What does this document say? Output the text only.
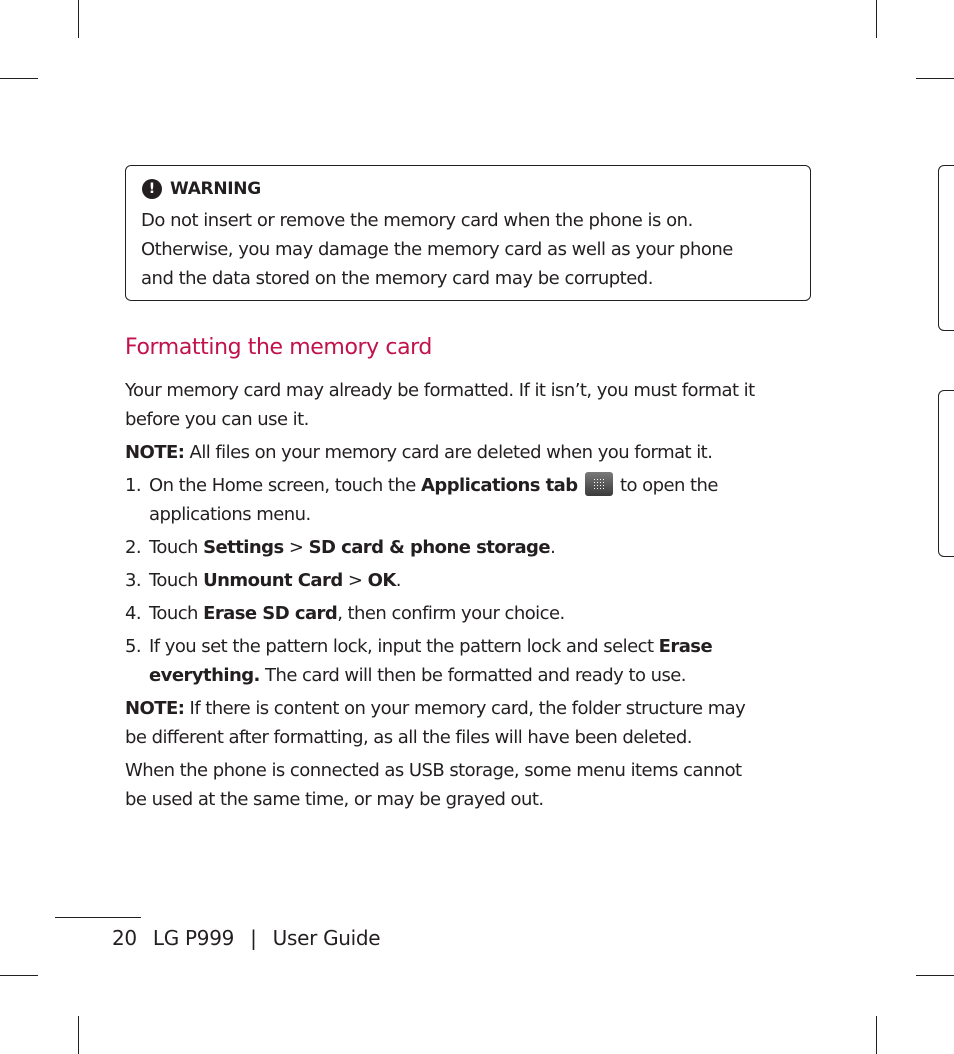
! WARNING
Do not insert or remove the memory card when the phone is on.
Otherwise, you may damage the memory card as well as your phone
and the data stored on the memory card may be corrupted.
Formatting the memory card

Your memory card may already be formatted. If it isn’t, you must format it
before you can use it.

NOTE: All files on your memory card are deleted when you format it.

1. On the Home screen, touch the Applications tab  to open the
applications menu.
2. Touch Settings > SD card & phone storage.
3. Touch Unmount Card > OK.
4. Touch Erase SD card, then confirm your choice.
5. If you set the pattern lock, input the pattern lock and select Erase
everything. The card will then be formatted and ready to use.

NOTE: If there is content on your memory card, the folder structure may
be different after formatting, as all the files will have been deleted.

When the phone is connected as USB storage, some menu items cannot
be used at the same time, or may be grayed out.

20 LG P999 | User Guide
